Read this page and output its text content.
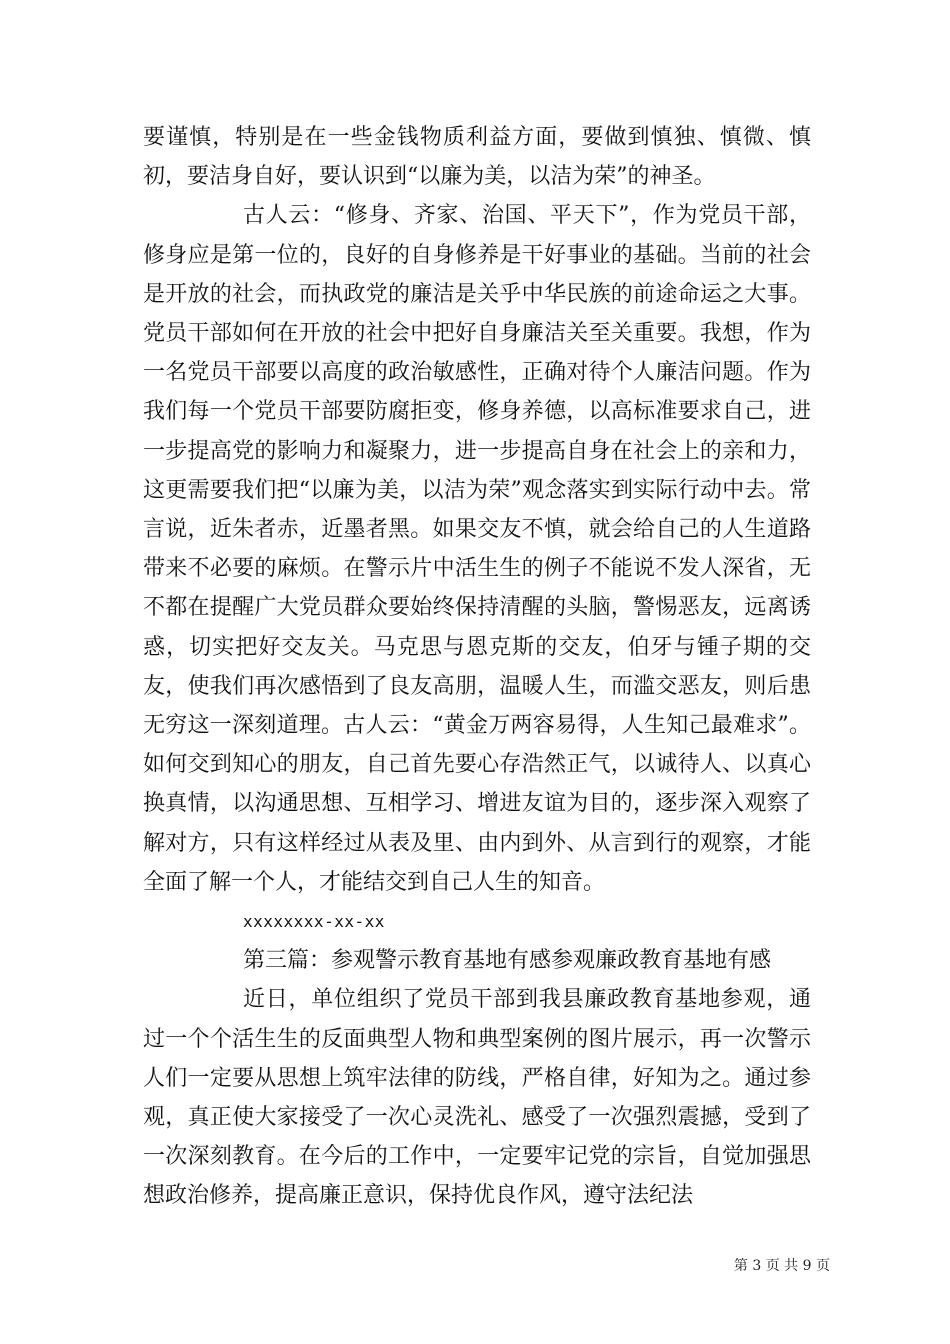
要谨慎，特别是在一些金钱物质利益方面，要做到慎独、慎微、慎初，要洁身自好，要认识到“以廉为美，以洁为荣”的神圣。

古人云：“修身、齐家、治国、平天下”，作为党员干部，修身应是第一位的，良好的自身修养是干好事业的基础。当前的社会是开放的社会，而执政党的廉洁是关乎中华民族的前途命运之大事。党员干部如何在开放的社会中把好自身廉洁关至关重要。我想，作为一名党员干部要以高度的政治敏感性，正确对待个人廉洁问题。作为我们每一个党员干部要防腐拒变，修身养德，以高标准要求自己，进一步提高党的影响力和凝聚力，进一步提高自身在社会上的亲和力，这更需要我们把“以廉为美，以洁为荣”观念落实到实际行动中去。常言说，近朱者赤，近墨者黑。如果交友不慎，就会给自己的人生道路带来不必要的麻烦。在警示片中活生生的例子不能说不发人深省，无不都在提醒广大党员群众要始终保持清醒的头脑，警惕恶友，远离诱惑，切实把好交友关。马克思与恩克斯的交友，伯牙与锺子期的交友，使我们再次感悟到了良友高朋，温暖人生，而滥交恶友，则后患无穷这一深刻道理。古人云：“黄金万两容易得，人生知己最难求”。如何交到知心的朋友，自己首先要心存浩然正气，以诚待人、以真心换真情，以沟通思想、互相学习、增进友谊为目的，逐步深入观察了解对方，只有这样经过从表及里、由内到外、从言到行的观察，才能全面了解一个人，才能结交到自己人生的知音。

xxxxxxxx-xx-xx

第三篇：参观警示教育基地有感参观廉政教育基地有感

近日，单位组织了党员干部到我县廉政教育基地参观，通过一个个活生生的反面典型人物和典型案例的图片展示，再一次警示人们一定要从思想上筑牢法律的防线，严格自律，好知为之。通过参观，真正使大家接受了一次心灵洗礼、感受了一次强烈震撼，受到了一次深刻教育。在今后的工作中，一定要牢记党的宗旨，自觉加强思想政治修养，提高廉正意识，保持优良作风，遵守法纪法

第 3 页 共 9 页
